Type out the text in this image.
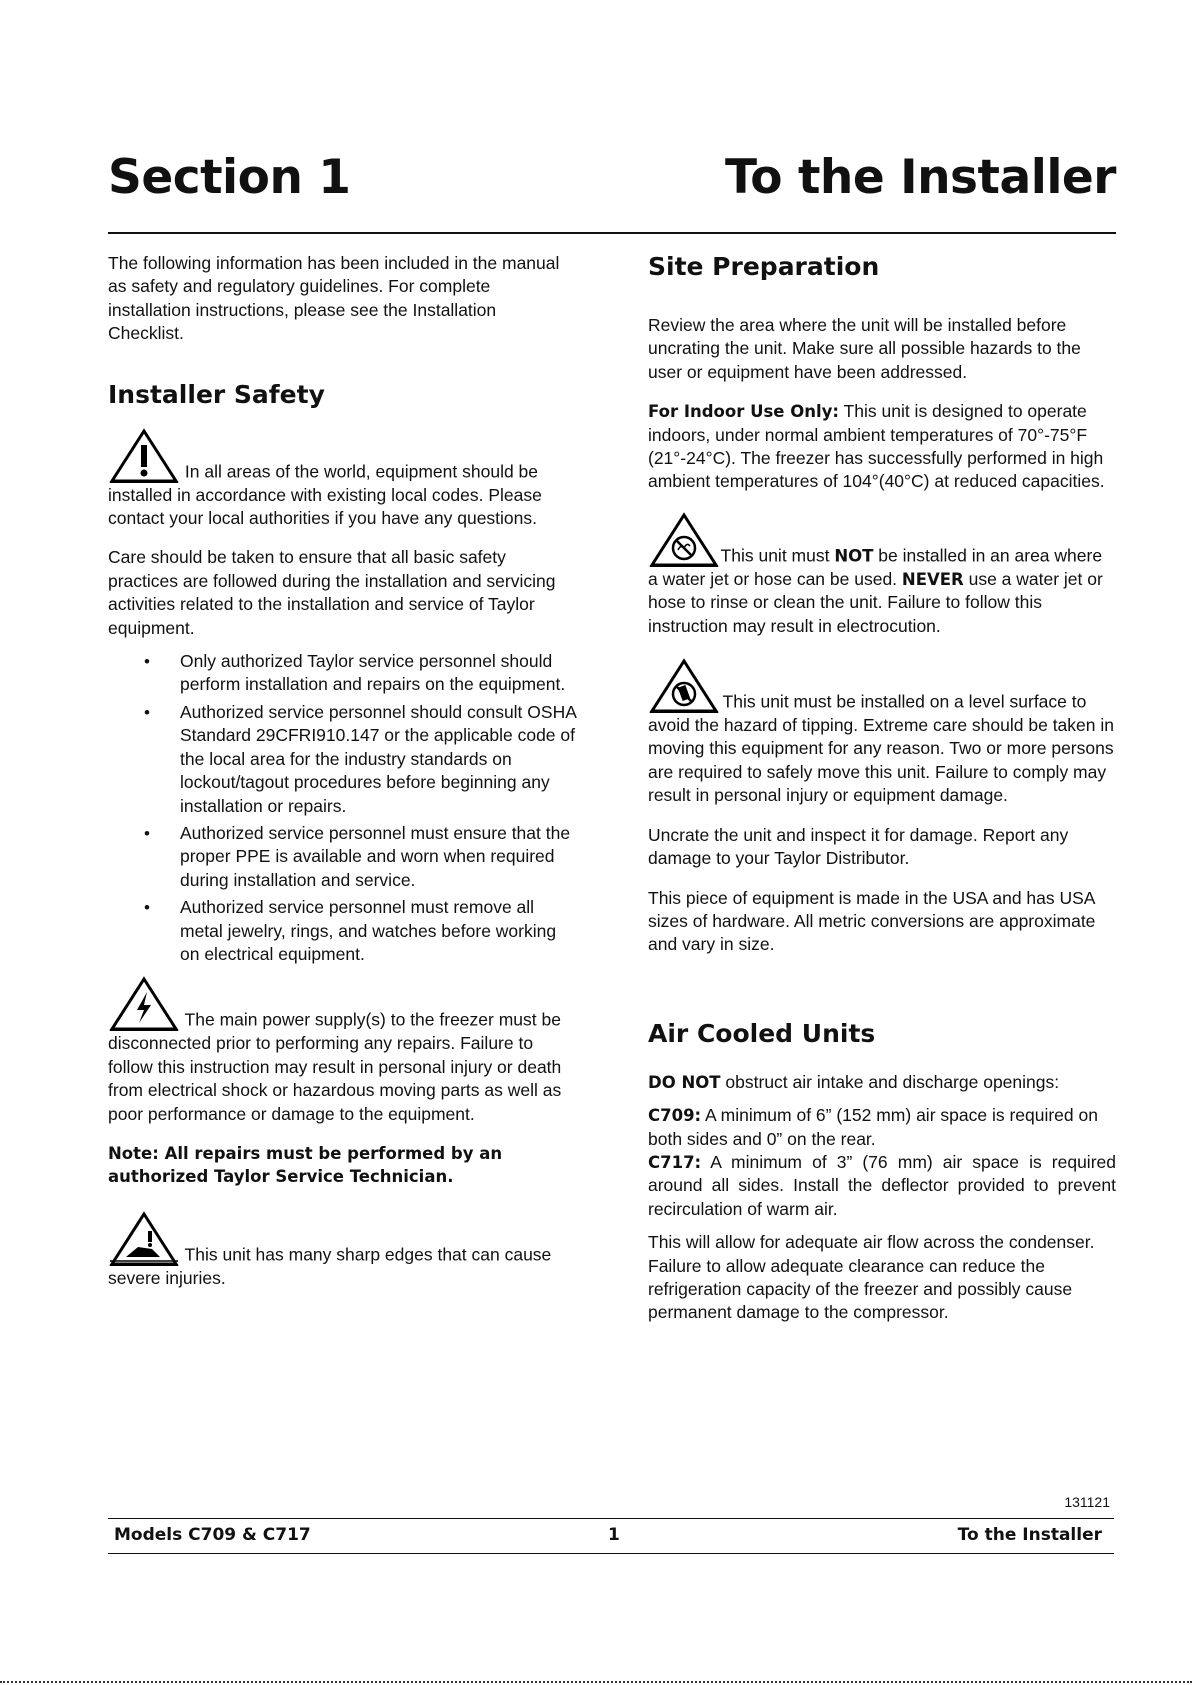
Section 1	To the Installer

The following information has been included in the manual as safety and regulatory guidelines. For complete installation instructions, please see the Installation Checklist.

Installer Safety

In all areas of the world, equipment should be installed in accordance with existing local codes. Please contact your local authorities if you have any questions.

Care should be taken to ensure that all basic safety practices are followed during the installation and servicing activities related to the installation and service of Taylor equipment.

• Only authorized Taylor service personnel should perform installation and repairs on the equipment.
• Authorized service personnel should consult OSHA Standard 29CFRI910.147 or the applicable code of the local area for the industry standards on lockout/tagout procedures before beginning any installation or repairs.
• Authorized service personnel must ensure that the proper PPE is available and worn when required during installation and service.
• Authorized service personnel must remove all metal jewelry, rings, and watches before working on electrical equipment.

The main power supply(s) to the freezer must be disconnected prior to performing any repairs. Failure to follow this instruction may result in personal injury or death from electrical shock or hazardous moving parts as well as poor performance or damage to the equipment.

Note: All repairs must be performed by an authorized Taylor Service Technician.

This unit has many sharp edges that can cause severe injuries.

Site Preparation

Review the area where the unit will be installed before uncrating the unit. Make sure all possible hazards to the user or equipment have been addressed.

For Indoor Use Only: This unit is designed to operate indoors, under normal ambient temperatures of 70°-75°F (21°-24°C). The freezer has successfully performed in high ambient temperatures of 104°(40°C) at reduced capacities.

This unit must NOT be installed in an area where a water jet or hose can be used. NEVER use a water jet or hose to rinse or clean the unit. Failure to follow this instruction may result in electrocution.

This unit must be installed on a level surface to avoid the hazard of tipping. Extreme care should be taken in moving this equipment for any reason. Two or more persons are required to safely move this unit. Failure to comply may result in personal injury or equipment damage.

Uncrate the unit and inspect it for damage. Report any damage to your Taylor Distributor.

This piece of equipment is made in the USA and has USA sizes of hardware. All metric conversions are approximate and vary in size.

Air Cooled Units

DO NOT obstruct air intake and discharge openings:

C709: A minimum of 6” (152 mm) air space is required on both sides and 0” on the rear.

C717: A minimum of 3” (76 mm) air space is required around all sides. Install the deflector provided to prevent recirculation of warm air.

This will allow for adequate air flow across the condenser. Failure to allow adequate clearance can reduce the refrigeration capacity of the freezer and possibly cause permanent damage to the compressor.

131121
Models C709 & C717	1	To the Installer
